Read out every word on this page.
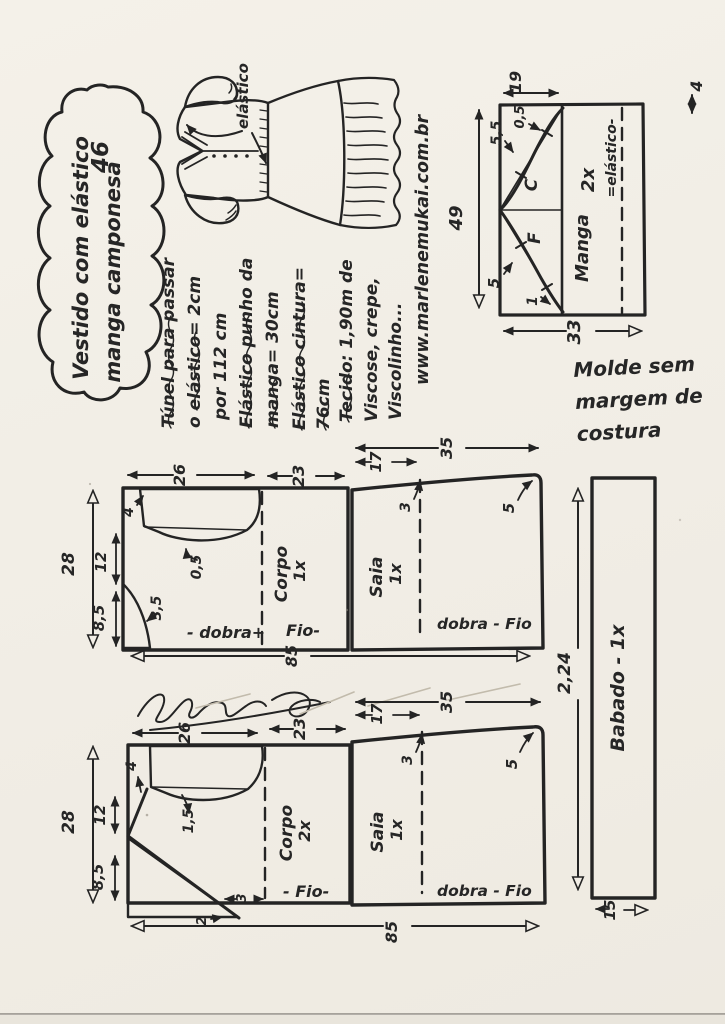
Vestido com elástico manga camponesa
46
elástico
49
19	4
33
5,5
0,5
5
1
C
F Manga
2x =elástico-
Túnel para passar o elástico= 2cm por 112 cm Elástico punho da manga= 30cm Elástico cintura= 76cm Tecido: 1,90m de Viscose, crepe, Viscolinho... www.marlenemukai.com.br	Molde sem
margem de
costura
26	23
28
4
12
8,5
0,5
3,5
Corpo
1x
- dobra+ Fio-
17
35
3	5
Saia 1x
dobra - Fio
85
26	23
28
4
12
8,5
1,5
3
2
Corpo
2x
- Fio-
17
35
3	5
Saia 1x
dobra - Fio
85
Babado - 1x
2,24
15
